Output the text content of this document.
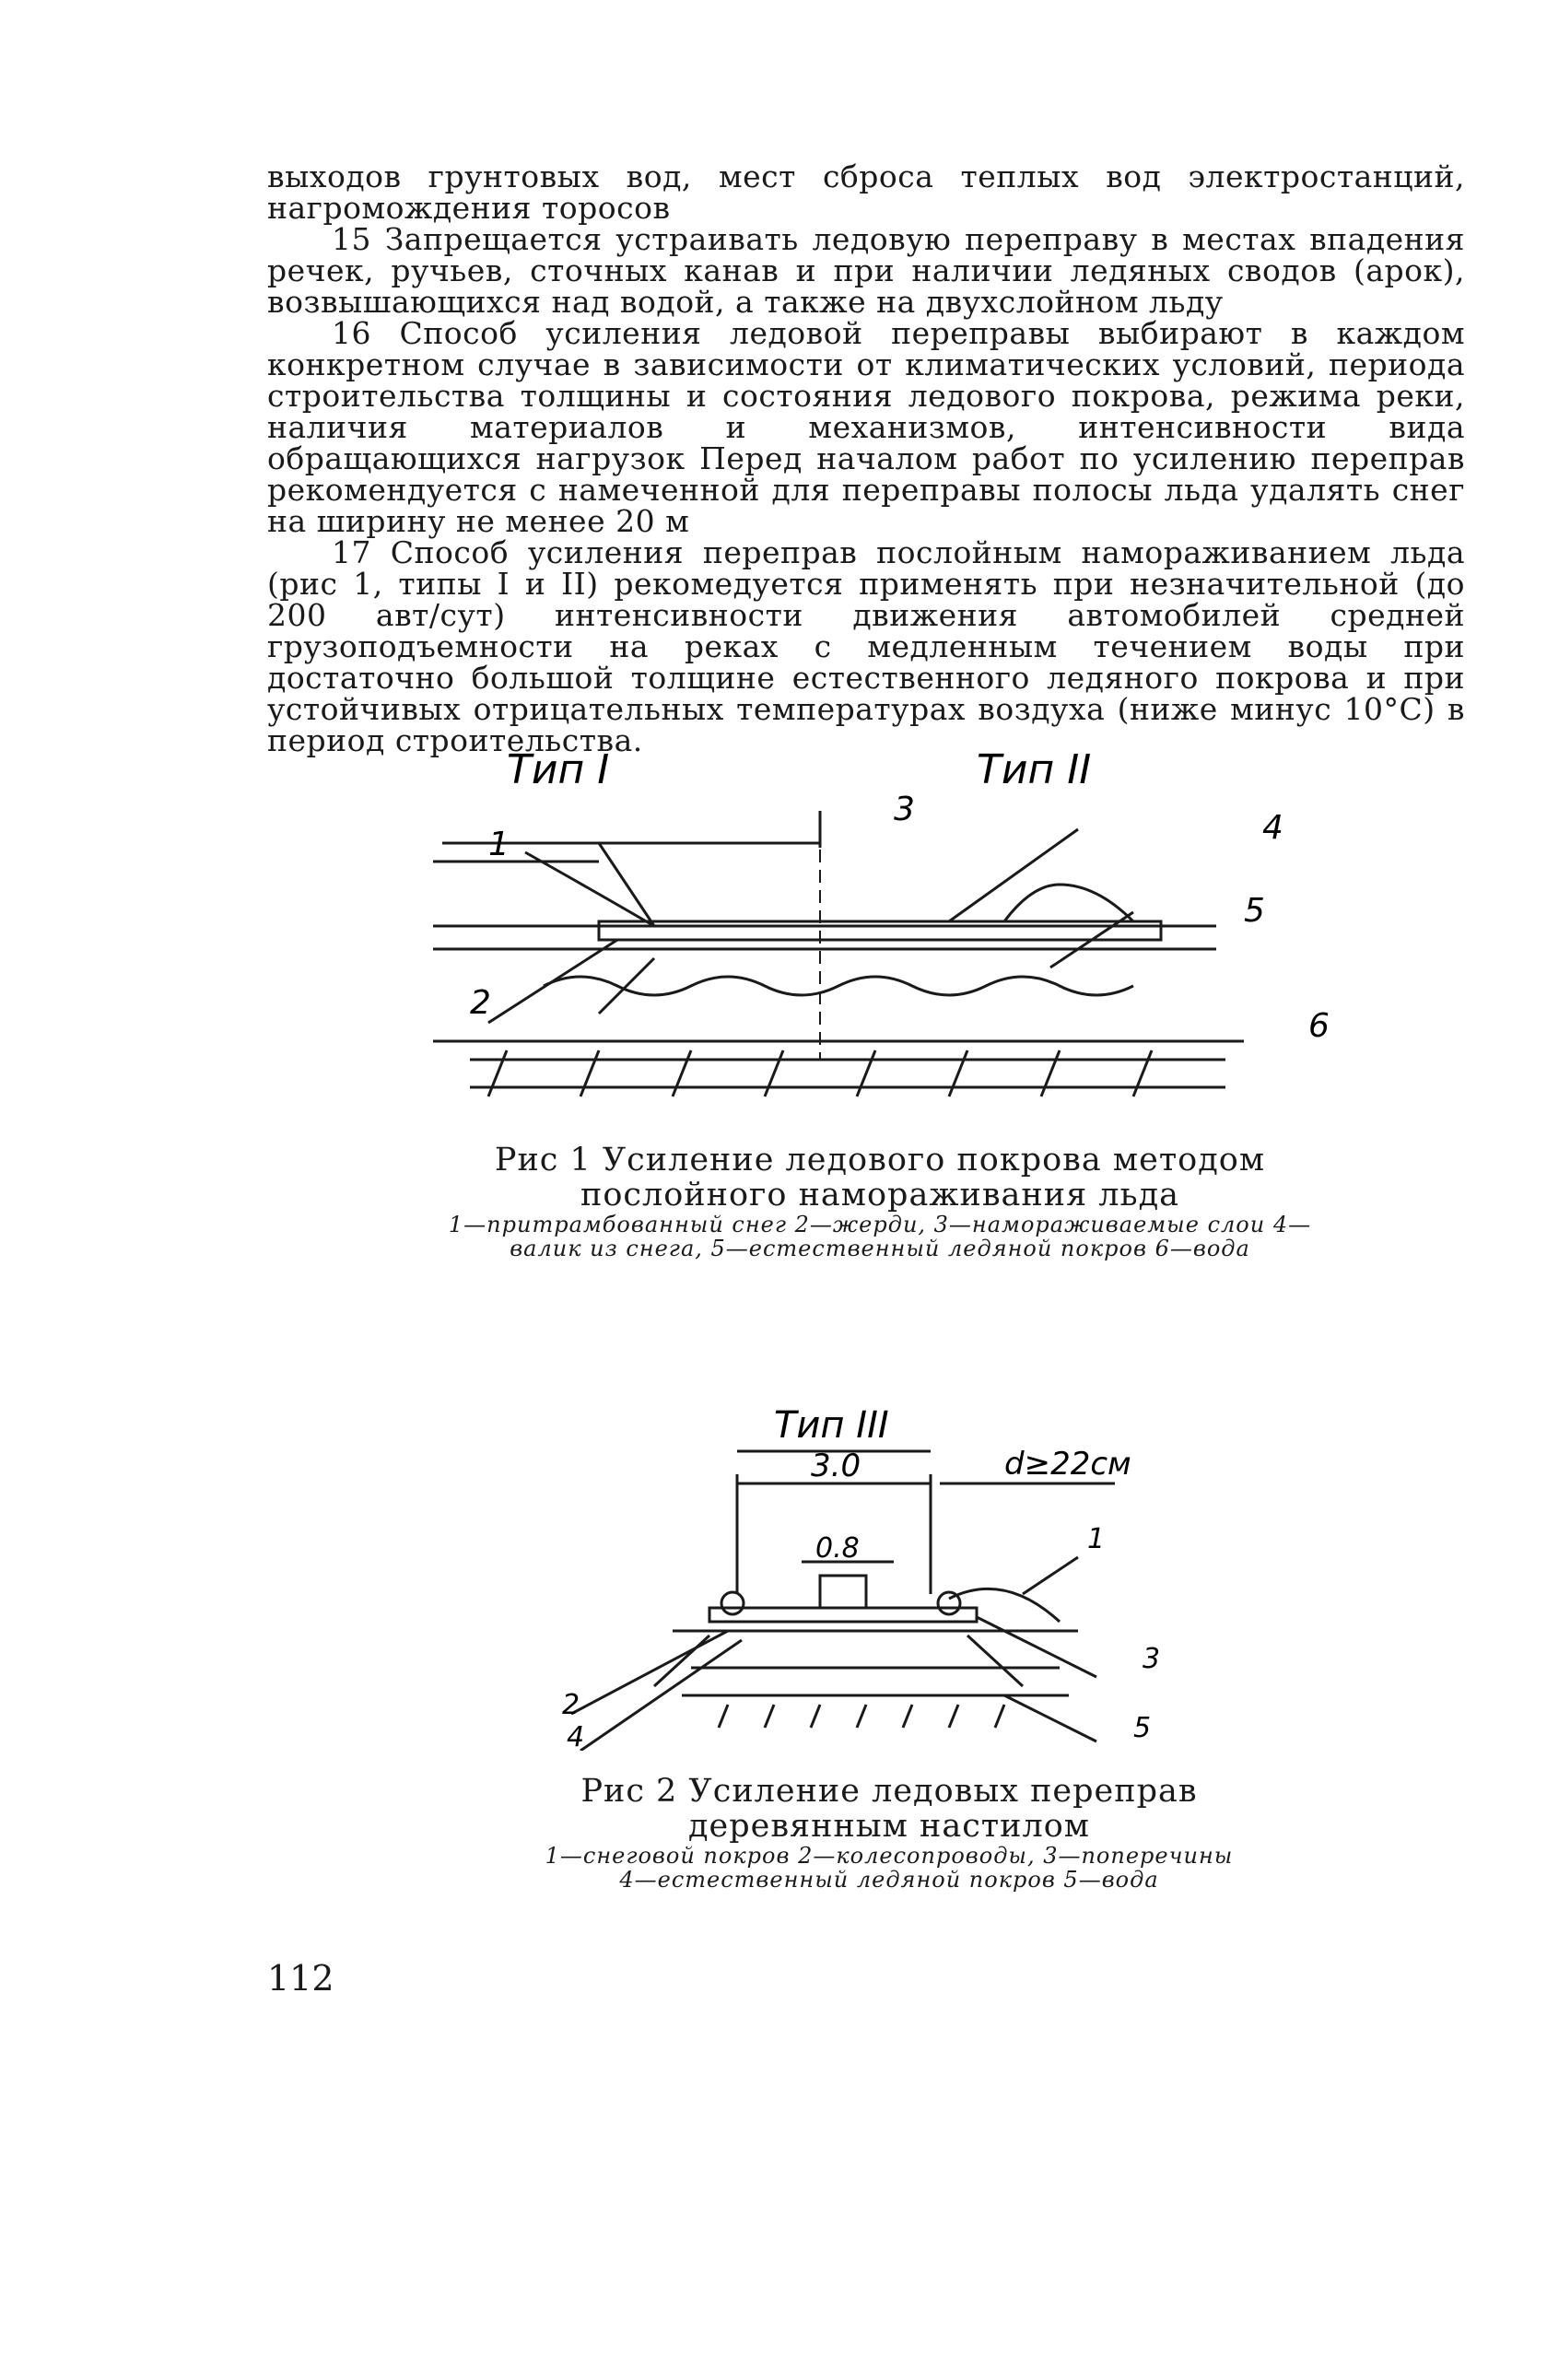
выходов грунтовых вод, мест сброса теплых вод электростанций, нагромождения торосов

15 Запрещается устраивать ледовую переправу в местах впадения речек, ручьев, сточных канав и при наличии ледяных сводов (арок), возвышающихся над водой, а также на двухслойном льду

16 Способ усиления ледовой переправы выбирают в каждом конкретном случае в зависимости от климатических условий, периода строительства толщины и состояния ледового покрова, режима реки, наличия материалов и механизмов, интенсивности вида обращающихся нагрузок Перед началом работ по усилению переправ рекомендуется с намеченной для переправы полосы льда удалять снег на ширину не менее 20 м

17 Способ усиления переправ послойным намораживанием льда (рис 1, типы I и II) рекомедуется применять при незначительной (до 200 авт/сут) интенсивности движения автомобилей средней грузоподъемности на реках с медленным течением воды при достаточно большой толщине естественного ледяного покрова и при устойчивых отрицательных температурах воздуха (ниже минус 10°С) в период строительства.

Тип I	Тип II
1
2
3	4
5
6
Рис 1 Усиление ледового покрова методом послойного намораживания льда
1—притрамбованный снег 2—жерди, 3—намораживаемые слои 4—валик из снега, 5—естественный ледяной покров 6—вода
Тип III
3.0
0.8
d≥22см
1
2
3
4	5
Рис 2 Усиление ледовых переправ деревянным настилом
1—снеговой покров 2—колесопроводы, 3—поперечины 4—естественный ледяной покров 5—вода
112
